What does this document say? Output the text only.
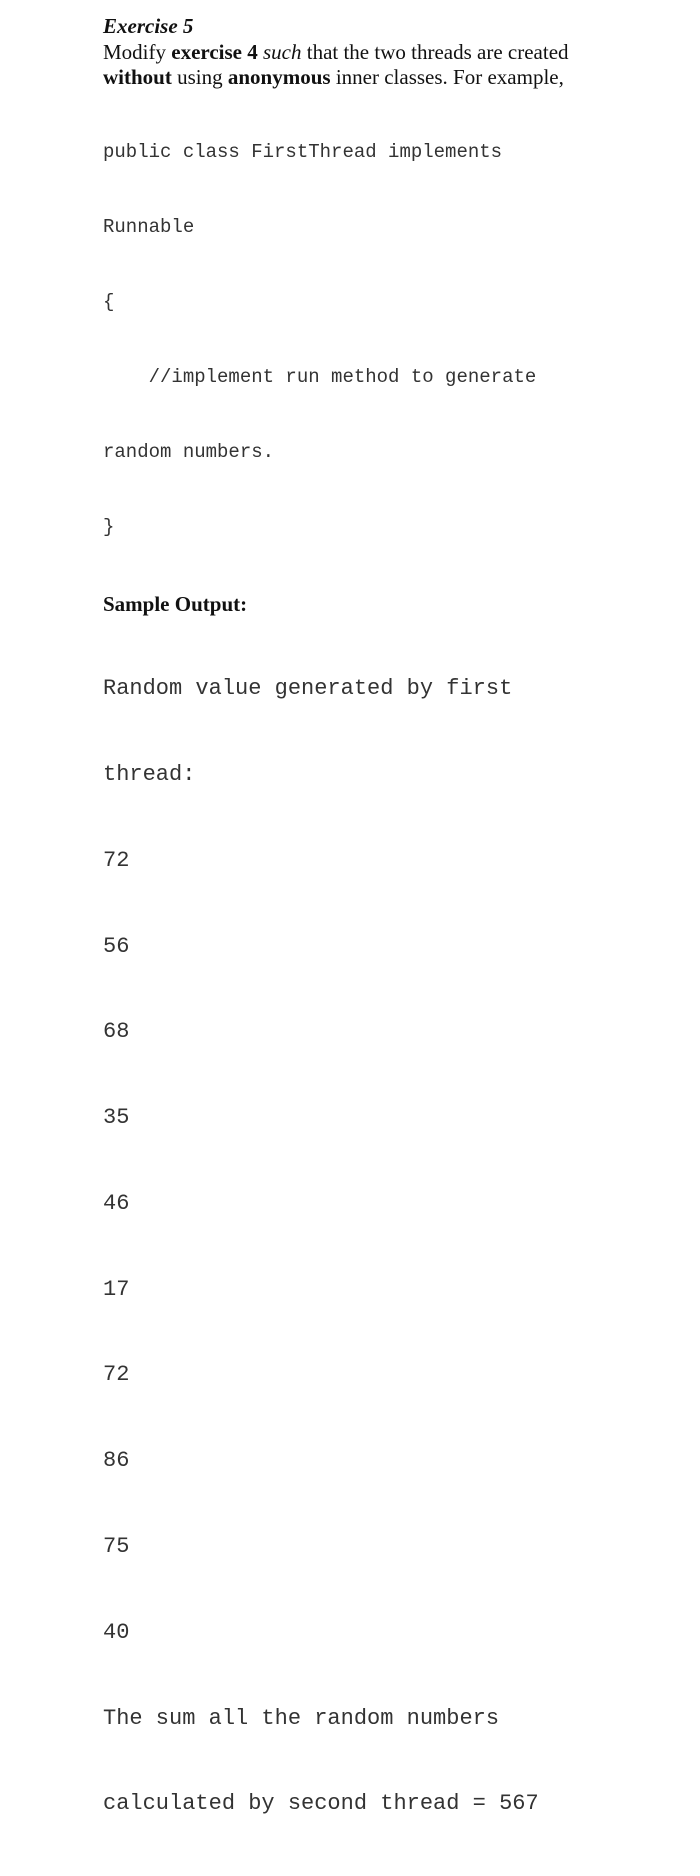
Exercise 5
Modify exercise 4 such that the two threads are created
without using anonymous inner classes. For example,

public class FirstThread implements

Runnable

{

//implement run method to generate

random numbers.

}

Sample Output:

Random value generated by first

thread:

72

56

68

35

46

17

72

86

75

40

The sum all the random numbers

calculated by second thread = 567
